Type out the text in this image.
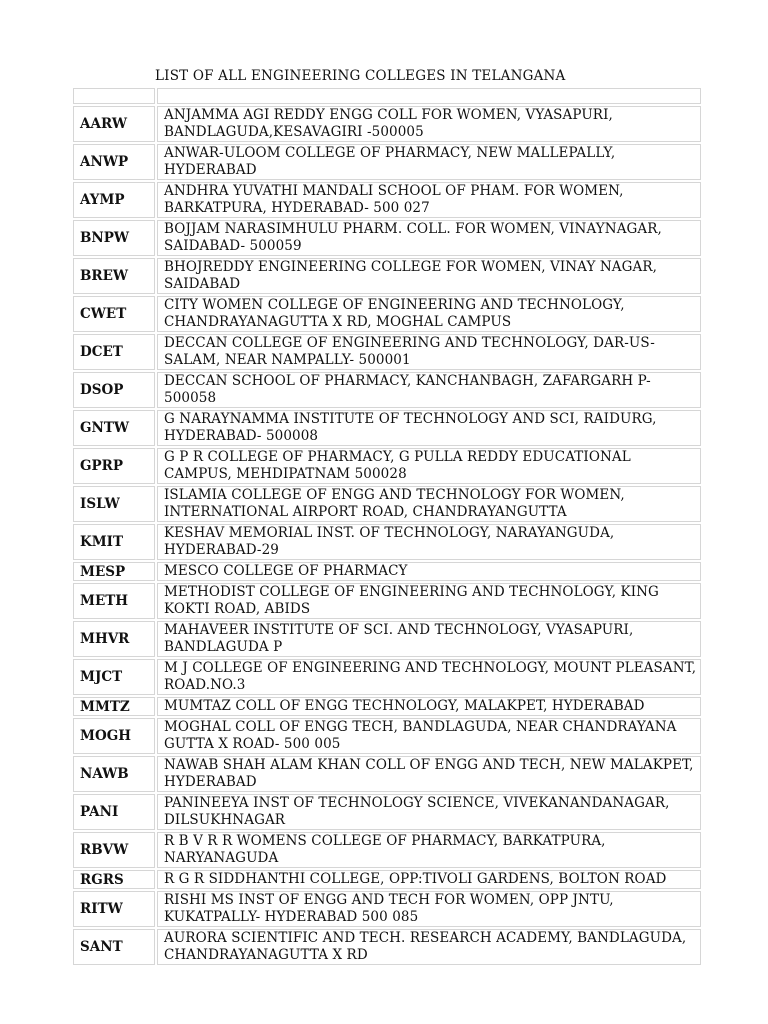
LIST OF ALL ENGINEERING COLLEGES IN TELANGANA

AARW		ANJAMMA AGI REDDY ENGG COLL FOR WOMEN, VYASAPURI,
BANDLAGUDA,KESAVAGIRI -500005

ANWP		ANWAR-ULOOM COLLEGE OF PHARMACY, NEW MALLEPALLY,
HYDERABAD

AYMP		ANDHRA YUVATHI MANDALI SCHOOL OF PHAM. FOR WOMEN,
BARKATPURA, HYDERABAD- 500 027

BNPW		BOJJAM NARASIMHULU PHARM. COLL. FOR WOMEN, VINAYNAGAR,
SAIDABAD- 500059

BREW		BHOJREDDY ENGINEERING COLLEGE FOR WOMEN, VINAY NAGAR,
SAIDABAD

CWET		CITY WOMEN COLLEGE OF ENGINEERING AND TECHNOLOGY,
CHANDRAYANAGUTTA X RD, MOGHAL CAMPUS

DCET		DECCAN COLLEGE OF ENGINEERING AND TECHNOLOGY, DAR-US-
SALAM, NEAR NAMPALLY- 500001

DSOP		DECCAN SCHOOL OF PHARMACY, KANCHANBAGH, ZAFARGARH P-
500058

GNTW		G NARAYNAMMA INSTITUTE OF TECHNOLOGY AND SCI, RAIDURG,
HYDERABAD- 500008

GPRP		G P R COLLEGE OF PHARMACY, G PULLA REDDY EDUCATIONAL
CAMPUS, MEHDIPATNAM 500028

ISLW		ISLAMIA COLLEGE OF ENGG AND TECHNOLOGY FOR WOMEN,
INTERNATIONAL AIRPORT ROAD, CHANDRAYANGUTTA

KMIT		KESHAV MEMORIAL INST. OF TECHNOLOGY, NARAYANGUDA,
HYDERABAD-29

MESP		MESCO COLLEGE OF PHARMACY

METH		METHODIST COLLEGE OF ENGINEERING AND TECHNOLOGY, KING
KOKTI ROAD, ABIDS

MHVR		MAHAVEER INSTITUTE OF SCI. AND TECHNOLOGY, VYASAPURI,
BANDLAGUDA P

MJCT		M J COLLEGE OF ENGINEERING AND TECHNOLOGY, MOUNT PLEASANT,
ROAD.NO.3

MMTZ		MUMTAZ COLL OF ENGG TECHNOLOGY, MALAKPET, HYDERABAD

MOGH		MOGHAL COLL OF ENGG TECH, BANDLAGUDA, NEAR CHANDRAYANA
GUTTA X ROAD- 500 005

NAWB		NAWAB SHAH ALAM KHAN COLL OF ENGG AND TECH, NEW MALAKPET,
HYDERABAD

PANI		PANINEEYA INST OF TECHNOLOGY SCIENCE, VIVEKANANDANAGAR,
DILSUKHNAGAR

RBVW		R B V R R WOMENS COLLEGE OF PHARMACY, BARKATPURA,
NARYANAGUDA

RGRS		R G R SIDDHANTHI COLLEGE, OPP:TIVOLI GARDENS, BOLTON ROAD

RITW		RISHI MS INST OF ENGG AND TECH FOR WOMEN, OPP JNTU,
KUKATPALLY- HYDERABAD 500 085

SANT		AURORA SCIENTIFIC AND TECH. RESEARCH ACADEMY, BANDLAGUDA,
CHANDRAYANAGUTTA X RD
